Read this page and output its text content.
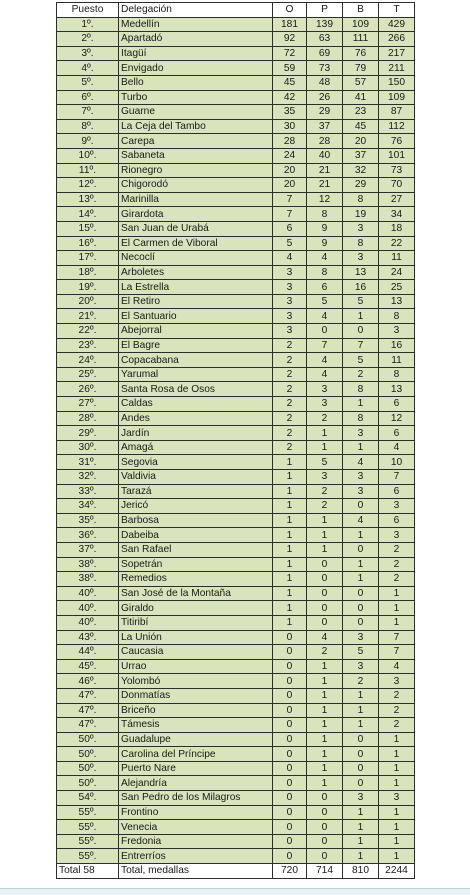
Puesto	Delegación	O	P	B	T
1º.	Medellín	181	139	109	429
2º.	Apartadó	92	63	111	266
3º.	Itagüí	72	69	76	217
4º.	Envigado	59	73	79	211
5º.	Bello	45	48	57	150
6º.	Turbo	42	26	41	109
7º.	Guarne	35	29	23	87
8º.	La Ceja del Tambo	30	37	45	112
9º.	Carepa	28	28	20	76
10º.	Sabaneta	24	40	37	101
11º.	Rionegro	20	21	32	73
12º.	Chigorodó	20	21	29	70
13º.	Marinilla	7	12	8	27
14º.	Girardota	7	8	19	34
15º.	San Juan de Urabá	6	9	3	18
16º.	El Carmen de Viboral	5	9	8	22
17º.	Necoclí	4	4	3	11
18º.	Arboletes	3	8	13	24
19º.	La Estrella	3	6	16	25
20º.	El Retiro	3	5	5	13
21º.	El Santuario	3	4	1	8
22º.	Abejorral	3	0	0	3
23º.	El Bagre	2	7	7	16
24º.	Copacabana	2	4	5	11
25º.	Yarumal	2	4	2	8
26º.	Santa Rosa de Osos	2	3	8	13
27º.	Caldas	2	3	1	6
28º.	Andes	2	2	8	12
29º.	Jardín	2	1	3	6
30º.	Amagá	2	1	1	4
31º.	Segovia	1	5	4	10
32º.	Valdivia	1	3	3	7
33º.	Tarazá	1	2	3	6
34º.	Jericó	1	2	0	3
35º.	Barbosa	1	1	4	6
36º.	Dabeiba	1	1	1	3
37º.	San Rafael	1	1	0	2
38º.	Sopetrán	1	0	1	2
38º.	Remedios	1	0	1	2
40º.	San José de la Montaña	1	0	0	1
40º.	Giraldo	1	0	0	1
40º.	Titiribí	1	0	0	1
43º.	La Unión	0	4	3	7
44º.	Caucasia	0	2	5	7
45º.	Urrao	0	1	3	4
46º.	Yolombó	0	1	2	3
47º.	Donmatías	0	1	1	2
47º.	Briceño	0	1	1	2
47º.	Támesis	0	1	1	2
50º.	Guadalupe	0	1	0	1
50º.	Carolina del Príncipe	0	1	0	1
50º.	Puerto Nare	0	1	0	1
50º.	Alejandría	0	1	0	1
54º.	San Pedro de los Milagros	0	0	3	3
55º.	Frontino	0	0	1	1
55º.	Venecia	0	0	1	1
55º.	Fredonia	0	0	1	1
55º.	Entrerríos	0	0	1	1
Total 58	Total, medallas	720	714	810	2244
